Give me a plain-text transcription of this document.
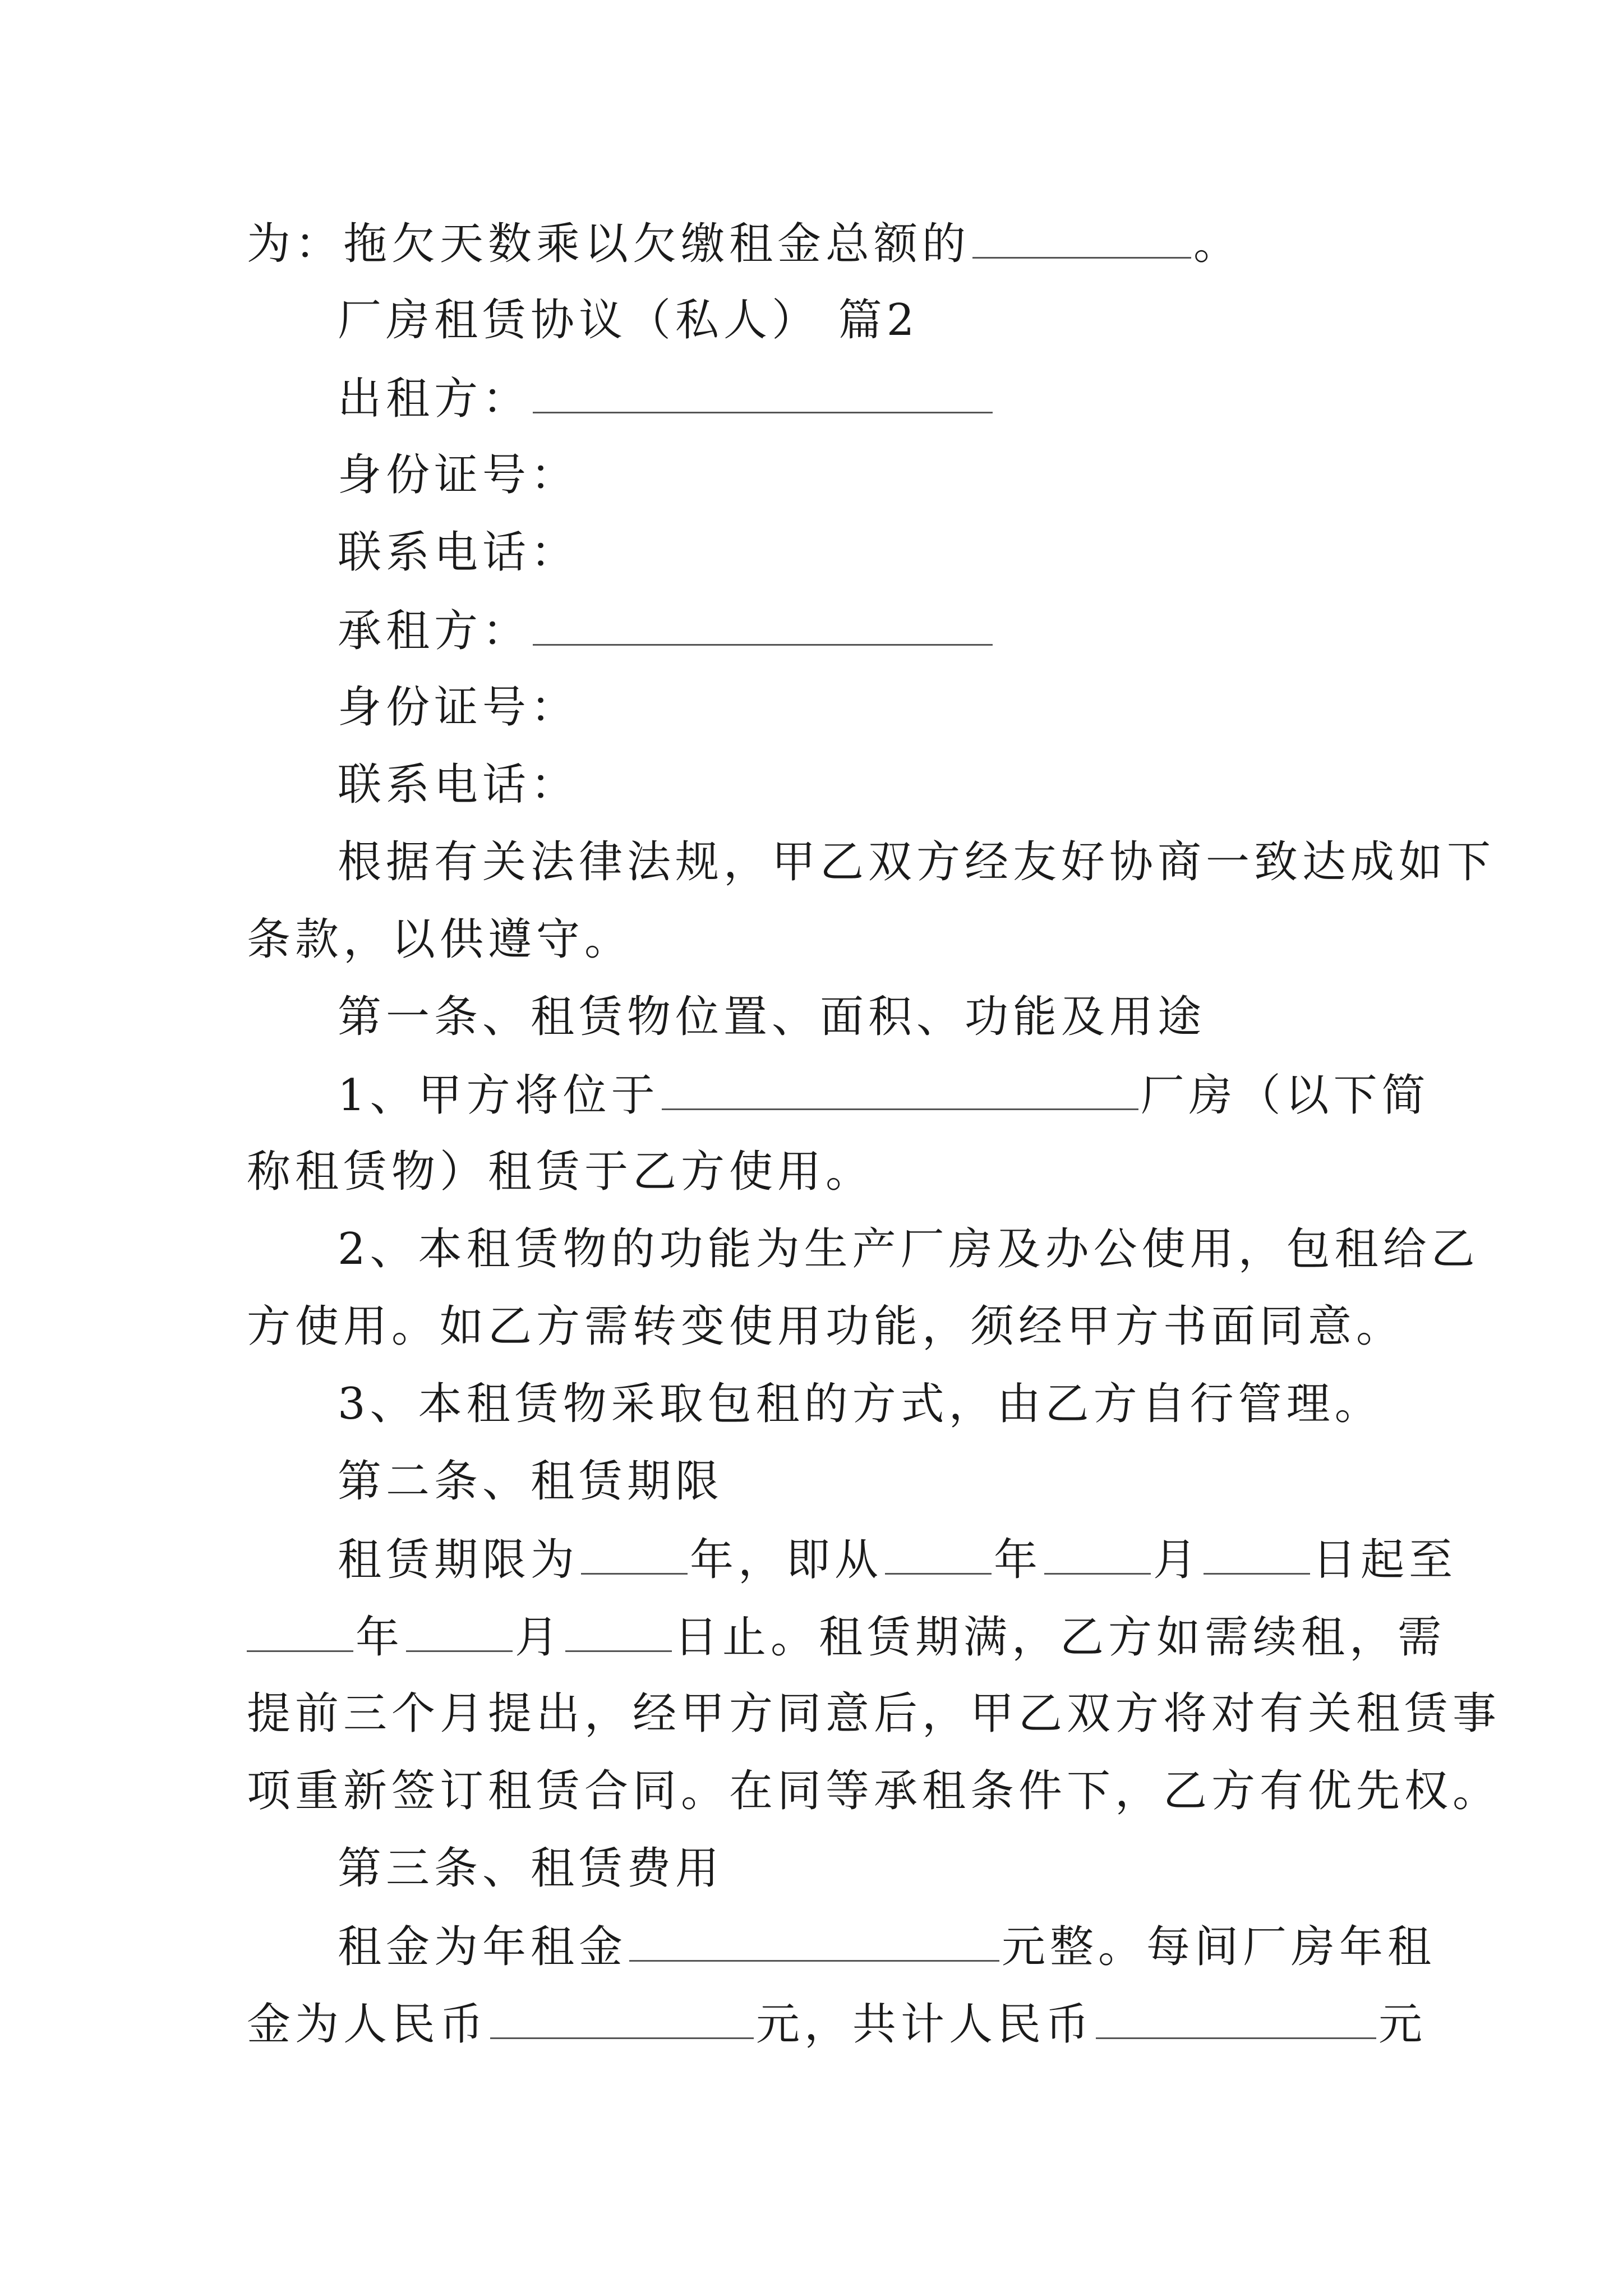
为：拖欠天数乘以欠缴租金总额的	。
厂房租赁协议（私人） 篇2
出租方：
身份证号：
联系电话：
承租方：
身份证号：
联系电话：
根据有关法律法规，甲乙双方经友好协商一致达成如下
条款，以供遵守。
第一条、租赁物位置、面积、功能及用途
1、甲方将位于	厂房（以下简
称租赁物）租赁于乙方使用。
2、本租赁物的功能为生产厂房及办公使用，包租给乙
方使用。如乙方需转变使用功能，须经甲方书面同意。
3、本租赁物采取包租的方式，由乙方自行管理。
第二条、租赁期限
租赁期限为	年，即从	年	月	日起至
年	月	日止。租赁期满，乙方如需续租，需
提前三个月提出，经甲方同意后，甲乙双方将对有关租赁事
项重新签订租赁合同。在同等承租条件下，乙方有优先权。
第三条、租赁费用
租金为年租金	元整。每间厂房年租
金为人民币	元，共计人民币	元
